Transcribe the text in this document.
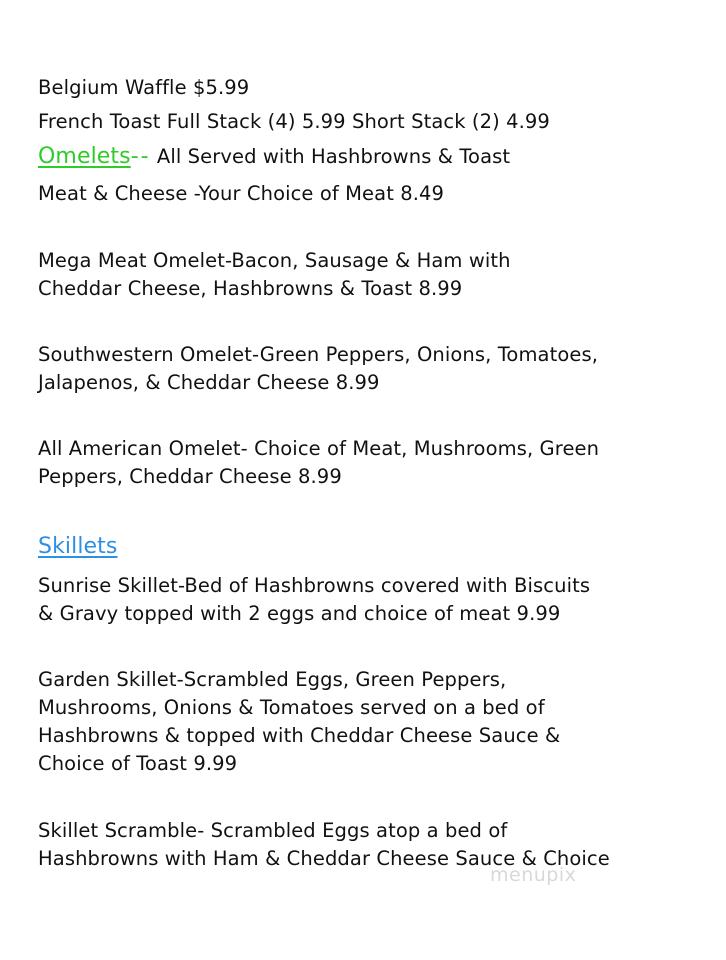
Belgium Waffle $5.99
French Toast Full Stack (4) 5.99 Short Stack (2) 4.99
Omelets-- All Served with Hashbrowns & Toast
Meat & Cheese -Your Choice of Meat 8.49
Mega Meat Omelet-Bacon, Sausage & Ham with
Cheddar Cheese, Hashbrowns & Toast 8.99
Southwestern Omelet-Green Peppers, Onions, Tomatoes,
Jalapenos, & Cheddar Cheese 8.99
All American Omelet- Choice of Meat, Mushrooms, Green
Peppers, Cheddar Cheese 8.99
Skillets
Sunrise Skillet-Bed of Hashbrowns covered with Biscuits
& Gravy topped with 2 eggs and choice of meat 9.99
Garden Skillet-Scrambled Eggs, Green Peppers,
Mushrooms, Onions & Tomatoes served on a bed of
Hashbrowns & topped with Cheddar Cheese Sauce &
Choice of Toast 9.99
Skillet Scramble- Scrambled Eggs atop a bed of
Hashbrowns with Ham & Cheddar Cheese Sauce & Choice
menupix
